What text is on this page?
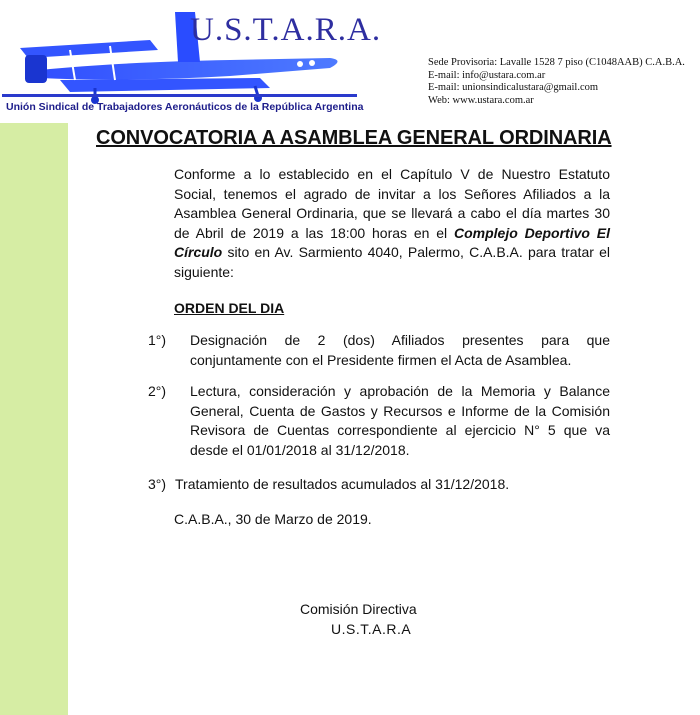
U.S.T.A.R.A.
Unión Sindical de Trabajadores Aeronáuticos de la República Argentina
Sede Provisoria: Lavalle 1528 7 piso (C1048AAB) C.A.B.A.
E-mail: info@ustara.com.ar
E-mail: unionsindicalustara@gmail.com
Web: www.ustara.com.ar
CONVOCATORIA A ASAMBLEA GENERAL ORDINARIA
Conforme a lo establecido en el Capítulo V de Nuestro Estatuto Social, tenemos el agrado de invitar a los Señores Afiliados a la Asamblea General Ordinaria, que se llevará a cabo el día martes 30 de Abril de 2019 a las 18:00 horas en el Complejo Deportivo El Círculo sito en Av. Sarmiento 4040, Palermo, C.A.B.A. para tratar el siguiente:
ORDEN DEL DIA
1°) Designación de 2 (dos) Afiliados presentes para que conjuntamente con el Presidente firmen el Acta de Asamblea.
2°) Lectura, consideración y aprobación de la Memoria y Balance General, Cuenta de Gastos y Recursos e Informe de la Comisión Revisora de Cuentas correspondiente al ejercicio N° 5 que va desde el 01/01/2018 al 31/12/2018.
3°) Tratamiento de resultados acumulados al 31/12/2018.
C.A.B.A., 30 de Marzo de 2019.
Comisión Directiva
U.S.T.A.R.A
